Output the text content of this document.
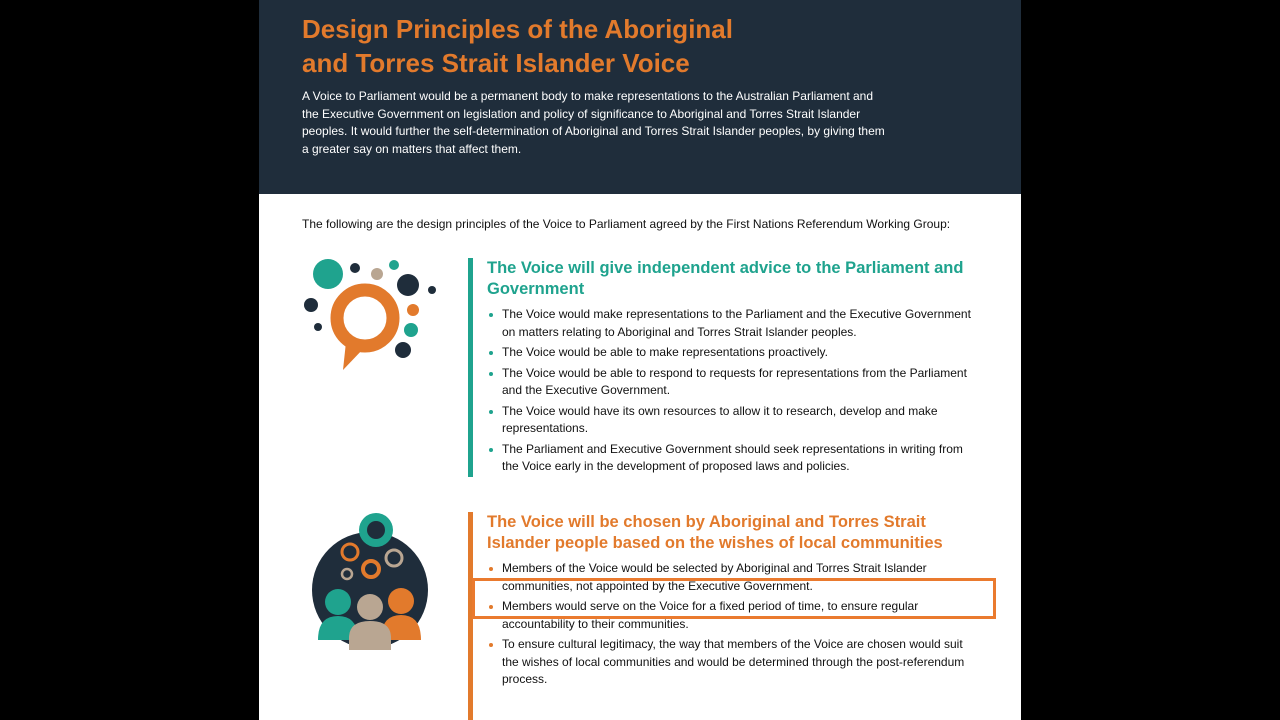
Design Principles of the Aboriginal
and Torres Strait Islander Voice

A Voice to Parliament would be a permanent body to make representations to the Australian Parliament and the Executive Government on legislation and policy of significance to Aboriginal and Torres Strait Islander peoples. It would further the self-determination of Aboriginal and Torres Strait Islander peoples, by giving them a greater say on matters that affect them.

The following are the design principles of the Voice to Parliament agreed by the First Nations Referendum Working Group:

The Voice will give independent advice to the Parliament and Government
The Voice would make representations to the Parliament and the Executive Government on matters relating to Aboriginal and Torres Strait Islander peoples.
The Voice would be able to make representations proactively.
The Voice would be able to respond to requests for representations from the Parliament and the Executive Government.
The Voice would have its own resources to allow it to research, develop and make representations.
The Parliament and Executive Government should seek representations in writing from the Voice early in the development of proposed laws and policies.
The Voice will be chosen by Aboriginal and Torres Strait Islander people based on the wishes of local communities
Members of the Voice would be selected by Aboriginal and Torres Strait Islander communities, not appointed by the Executive Government.
Members would serve on the Voice for a fixed period of time, to ensure regular accountability to their communities.
To ensure cultural legitimacy, the way that members of the Voice are chosen would suit the wishes of local communities and would be determined through the post-referendum process.
